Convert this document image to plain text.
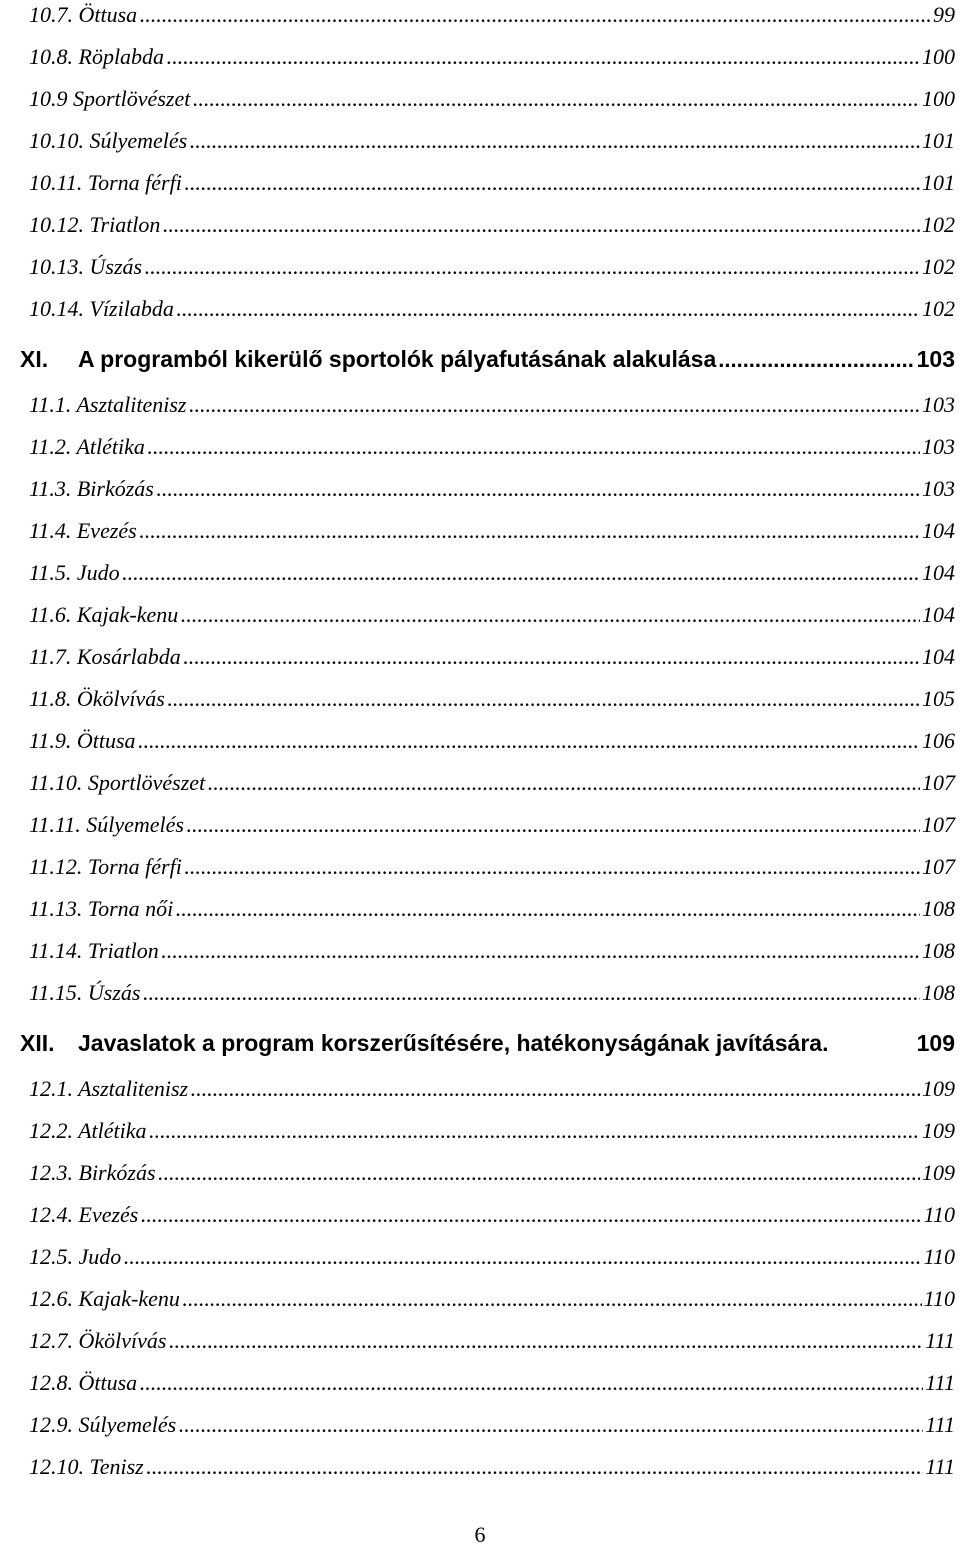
10.7. Öttusa .....	99
10.8. Röplabda .....	100
10.9 Sportlövészet .....	100
10.10. Súlyemelés .....	101
10.11. Torna férfi .....	101
10.12. Triatlon .....	102
10.13. Úszás .....	102
10.14. Vízilabda .....	102
XI.	A programból kikerülő sportolók pályafutásának alakulása .....	103
11.1. Asztalitenisz .....	103
11.2. Atlétika .....	103
11.3. Birkózás .....	103
11.4. Evezés .....	104
11.5. Judo .....	104
11.6. Kajak-kenu .....	104
11.7. Kosárlabda .....	104
11.8. Ökölvívás .....	105
11.9. Öttusa .....	106
11.10. Sportlövészet .....	107
11.11. Súlyemelés .....	107
11.12. Torna férfi .....	107
11.13. Torna női .....	108
11.14. Triatlon .....	108
11.15. Úszás .....	108
XII.	Javaslatok a program korszerűsítésére, hatékonyságának javítására.	109
12.1. Asztalitenisz .....	109
12.2. Atlétika .....	109
12.3. Birkózás .....	109
12.4. Evezés .....	110
12.5. Judo .....	110
12.6. Kajak-kenu .....	110
12.7. Ökölvívás .....	111
12.8. Öttusa .....	111
12.9. Súlyemelés .....	111
12.10. Tenisz .....	111
6
